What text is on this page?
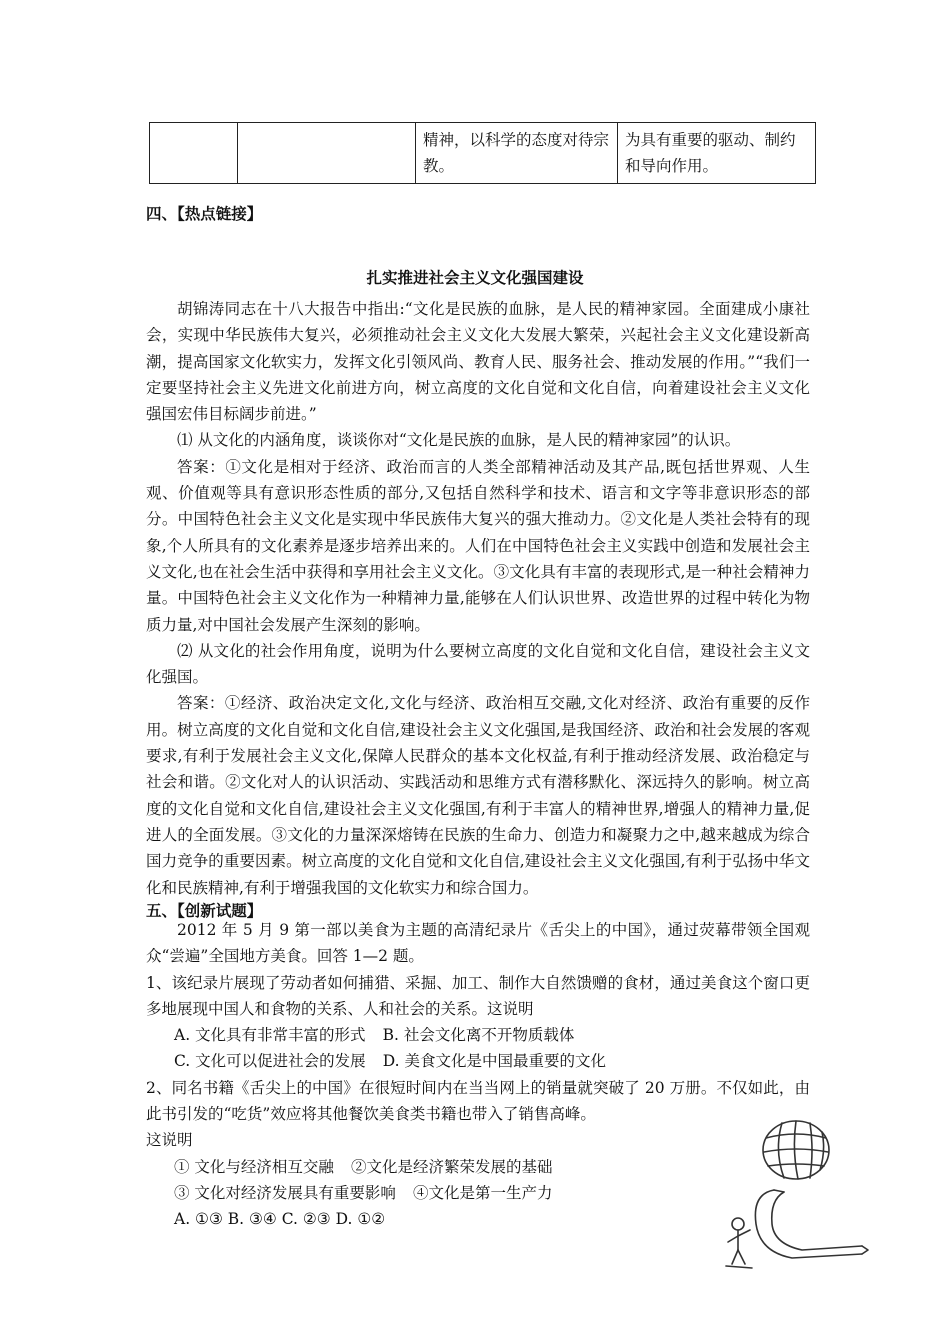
		精神，以科学的态度对待宗教。	为具有重要的驱动、制约和导向作用。
四、【热点链接】
扎实推进社会主义文化强国建设

胡锦涛同志在十八大报告中指出:“文化是民族的血脉，是人民的精神家园。全面建成小康社会，实现中华民族伟大复兴，必须推动社会主义文化大发展大繁荣，兴起社会主义文化建设新高潮，提高国家文化软实力，发挥文化引领风尚、教育人民、服务社会、推动发展的作用。”“我们一定要坚持社会主义先进文化前进方向，树立高度的文化自觉和文化自信，向着建设社会主义文化强国宏伟目标阔步前进。”

⑴ 从文化的内涵角度，谈谈你对“文化是民族的血脉，是人民的精神家园”的认识。

答案：①文化是相对于经济、政治而言的人类全部精神活动及其产品,既包括世界观、人生观、价值观等具有意识形态性质的部分,又包括自然科学和技术、语言和文字等非意识形态的部分。中国特色社会主义文化是实现中华民族伟大复兴的强大推动力。②文化是人类社会特有的现象,个人所具有的文化素养是逐步培养出来的。人们在中国特色社会主义实践中创造和发展社会主义文化,也在社会生活中获得和享用社会主义文化。③文化具有丰富的表现形式,是一种社会精神力量。中国特色社会主义文化作为一种精神力量,能够在人们认识世界、改造世界的过程中转化为物质力量,对中国社会发展产生深刻的影响。

⑵ 从文化的社会作用角度，说明为什么要树立高度的文化自觉和文化自信，建设社会主义文化强国。

答案：①经济、政治决定文化,文化与经济、政治相互交融,文化对经济、政治有重要的反作用。树立高度的文化自觉和文化自信,建设社会主义文化强国,是我国经济、政治和社会发展的客观要求,有利于发展社会主义文化,保障人民群众的基本文化权益,有利于推动经济发展、政治稳定与社会和谐。②文化对人的认识活动、实践活动和思维方式有潜移默化、深远持久的影响。树立高度的文化自觉和文化自信,建设社会主义文化强国,有利于丰富人的精神世界,增强人的精神力量,促进人的全面发展。③文化的力量深深熔铸在民族的生命力、创造力和凝聚力之中,越来越成为综合国力竞争的重要因素。树立高度的文化自觉和文化自信,建设社会主义文化强国,有利于弘扬中华文化和民族精神,有利于增强我国的文化软实力和综合国力。

五、【创新试题】

2012 年 5 月 9 第一部以美食为主题的高清纪录片《舌尖上的中国》，通过荧幕带领全国观众“尝遍”全国地方美食。回答 1—2 题。

1、该纪录片展现了劳动者如何捕猎、采掘、加工、制作大自然馈赠的食材，通过美食这个窗口更多地展现中国人和食物的关系、人和社会的关系。这说明

A. 文化具有非常丰富的形式 B. 社会文化离不开物质载体

C. 文化可以促进社会的发展 D. 美食文化是中国最重要的文化

2、同名书籍《舌尖上的中国》在很短时间内在当当网上的销量就突破了 20 万册。不仅如此，由此书引发的“吃货”效应将其他餐饮美食类书籍也带入了销售高峰。

这说明

① 文化与经济相互交融 ②文化是经济繁荣发展的基础

③ 文化对经济发展具有重要影响 ④文化是第一生产力

A. ①③ B. ③④ C. ②③ D. ①②
